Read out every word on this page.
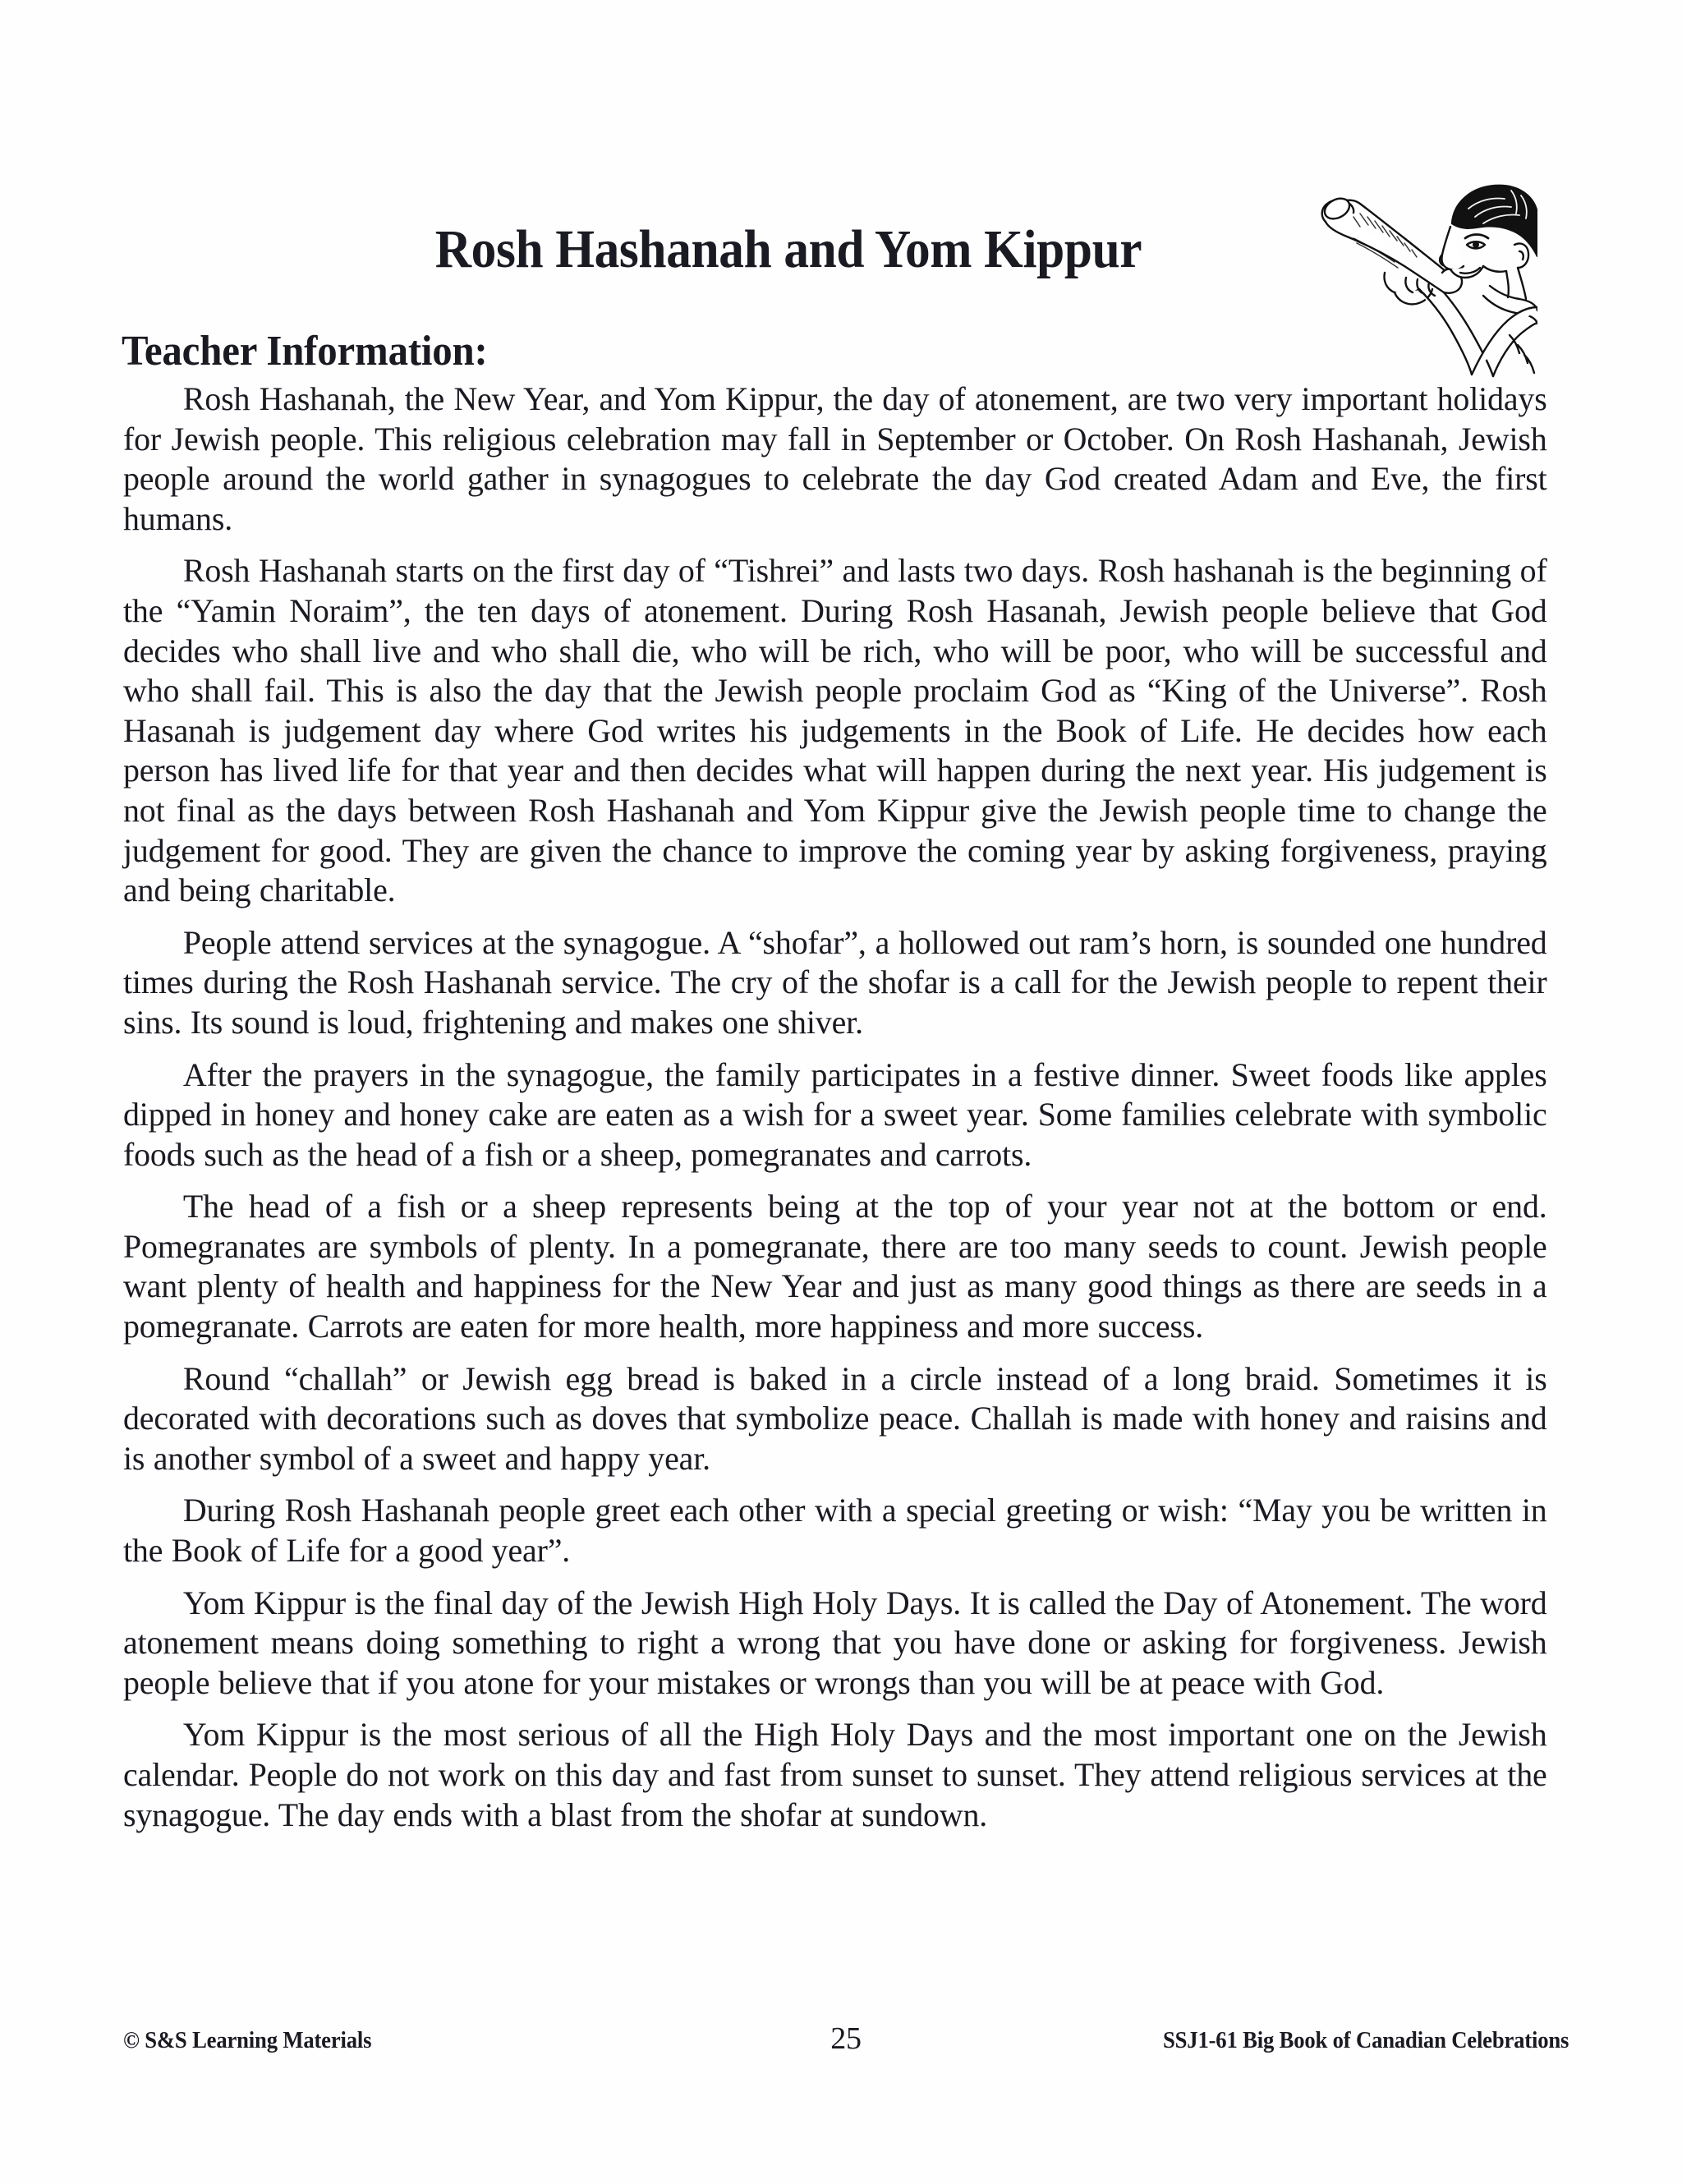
Rosh Hashanah and Yom Kippur
Teacher Information:

Rosh Hashanah, the New Year, and Yom Kippur, the day of atonement, are two very important holidays for Jewish people. This religious celebration may fall in September or October. On Rosh Hashanah, Jewish people around the world gather in synagogues to celebrate the day God created Adam and Eve, the first humans.

Rosh Hashanah starts on the first day of “Tishrei” and lasts two days. Rosh hashanah is the beginning of the “Yamin Noraim”, the ten days of atonement. During Rosh Hasanah, Jewish people believe that God decides who shall live and who shall die, who will be rich, who will be poor, who will be successful and who shall fail. This is also the day that the Jewish people proclaim God as “King of the Universe”. Rosh Hasanah is judgement day where God writes his judgements in the Book of Life. He decides how each person has lived life for that year and then decides what will happen during the next year. His judgement is not final as the days between Rosh Hashanah and Yom Kippur give the Jewish people time to change the judgement for good. They are given the chance to improve the coming year by asking forgiveness, praying and being charitable.

People attend services at the synagogue. A “shofar”, a hollowed out ram’s horn, is sounded one hundred times during the Rosh Hashanah service. The cry of the shofar is a call for the Jewish people to repent their sins. Its sound is loud, frightening and makes one shiver.

After the prayers in the synagogue, the family participates in a festive dinner. Sweet foods like apples dipped in honey and honey cake are eaten as a wish for a sweet year. Some families celebrate with symbolic foods such as the head of a fish or a sheep, pomegranates and carrots.

The head of a fish or a sheep represents being at the top of your year not at the bottom or end. Pomegranates are symbols of plenty. In a pomegranate, there are too many seeds to count. Jewish people want plenty of health and happiness for the New Year and just as many good things as there are seeds in a pomegranate. Carrots are eaten for more health, more happiness and more success.

Round “challah” or Jewish egg bread is baked in a circle instead of a long braid. Sometimes it is decorated with decorations such as doves that symbolize peace. Challah is made with honey and raisins and is another symbol of a sweet and happy year.

During Rosh Hashanah people greet each other with a special greeting or wish: “May you be written in the Book of Life for a good year”.

Yom Kippur is the final day of the Jewish High Holy Days. It is called the Day of Atonement. The word atonement means doing something to right a wrong that you have done or asking for forgiveness. Jewish people believe that if you atone for your mistakes or wrongs than you will be at peace with God.

Yom Kippur is the most serious of all the High Holy Days and the most important one on the Jewish calendar. People do not work on this day and fast from sunset to sunset. They attend religious services at the synagogue. The day ends with a blast from the shofar at sundown.

© S&S Learning Materials	25	SSJ1-61 Big Book of Canadian Celebrations
